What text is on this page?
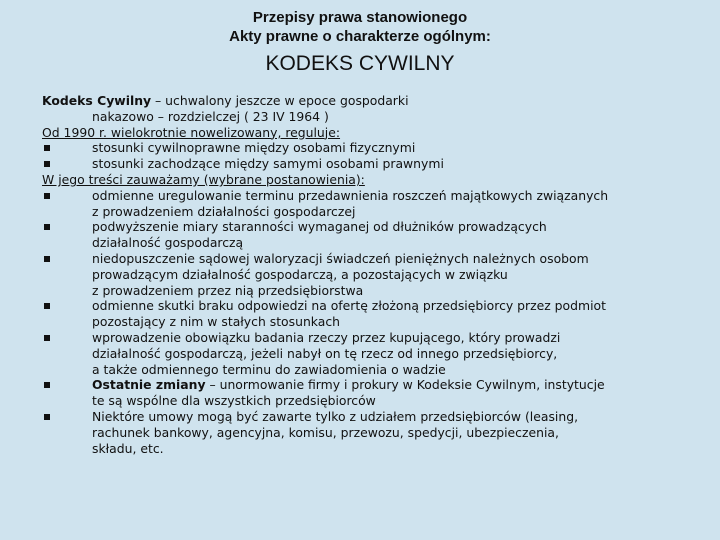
Przepisy prawa stanowionego
Akty prawne o charakterze ogólnym:
KODEKS CYWILNY
Kodeks Cywilny – uchwalony jeszcze w epoce gospodarki
nakazowo – rozdzielczej ( 23 IV 1964 )
Od 1990 r. wielokrotnie nowelizowany, reguluje:
stosunki cywilnoprawne między osobami fizycznymi
stosunki zachodzące między samymi osobami prawnymi
W jego treści zauważamy (wybrane postanowienia):
odmienne uregulowanie terminu przedawnienia roszczeń majątkowych związanych
z prowadzeniem działalności gospodarczej
podwyższenie miary staranności wymaganej od dłużników prowadzących
działalność gospodarczą
niedopuszczenie sądowej waloryzacji świadczeń pieniężnych należnych osobom
prowadzącym działalność gospodarczą, a pozostających w związku
z prowadzeniem przez nią przedsiębiorstwa
odmienne skutki braku odpowiedzi na ofertę złożoną przedsiębiorcy przez podmiot
pozostający z nim w stałych stosunkach
wprowadzenie obowiązku badania rzeczy przez kupującego, który prowadzi
działalność gospodarczą, jeżeli nabył on tę rzecz od innego przedsiębiorcy,
a także odmiennego terminu do zawiadomienia o wadzie
Ostatnie zmiany – unormowanie firmy i prokury w Kodeksie Cywilnym, instytucje
te są wspólne dla wszystkich przedsiębiorców
Niektóre umowy mogą być zawarte tylko z udziałem przedsiębiorców (leasing,
rachunek bankowy, agencyjna, komisu, przewozu, spedycji, ubezpieczenia,
składu, etc.
